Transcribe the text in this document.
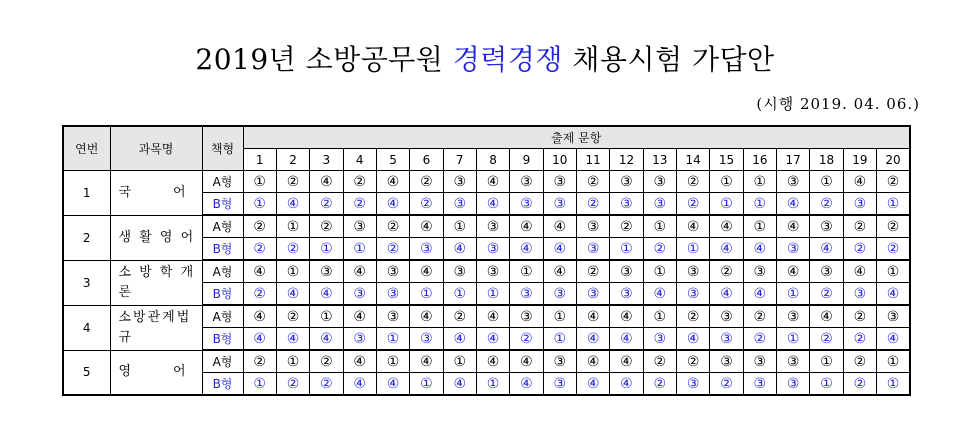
2019년 소방공무원 경력경쟁 채용시험 가답안
(시행 2019. 04. 06.)
연번	과목명	책형	출제 문항																			
			1	2	3	4	5	6	7	8	9	10	11	12	13	14	15	16	17	18	19	20
1	국 어	A형	①	②	④	②	④	②	③	④	③	③	②	③	③	②	①	①	③	①	④	②
		B형	①	④	②	②	④	②	③	④	③	③	②	③	③	②	①	①	④	②	③	①
2	생 활 영 어	A형	②	①	②	③	②	④	①	③	④	④	③	②	①	④	④	①	④	③	②	②
		B형	②	②	①	①	②	③	④	③	④	④	③	①	②	①	④	④	③	④	②	②
3	소 방 학 개 론	A형	④	①	③	④	③	④	③	③	①	④	②	③	①	③	②	③	④	③	④	①
		B형	②	④	④	③	③	①	①	①	③	③	③	③	④	③	④	④	①	②	③	④
4	소방관계법규	A형	④	②	①	④	③	④	②	④	③	①	④	④	①	②	③	②	③	④	②	③
		B형	④	④	④	③	①	③	④	④	②	①	④	④	③	④	③	②	①	②	②	④
5	영 어	A형	②	①	②	④	①	④	①	④	④	③	④	④	②	②	③	③	③	①	②	①
		B형	①	②	②	④	④	①	④	①	④	③	④	④	②	③	②	③	③	①	②	①
